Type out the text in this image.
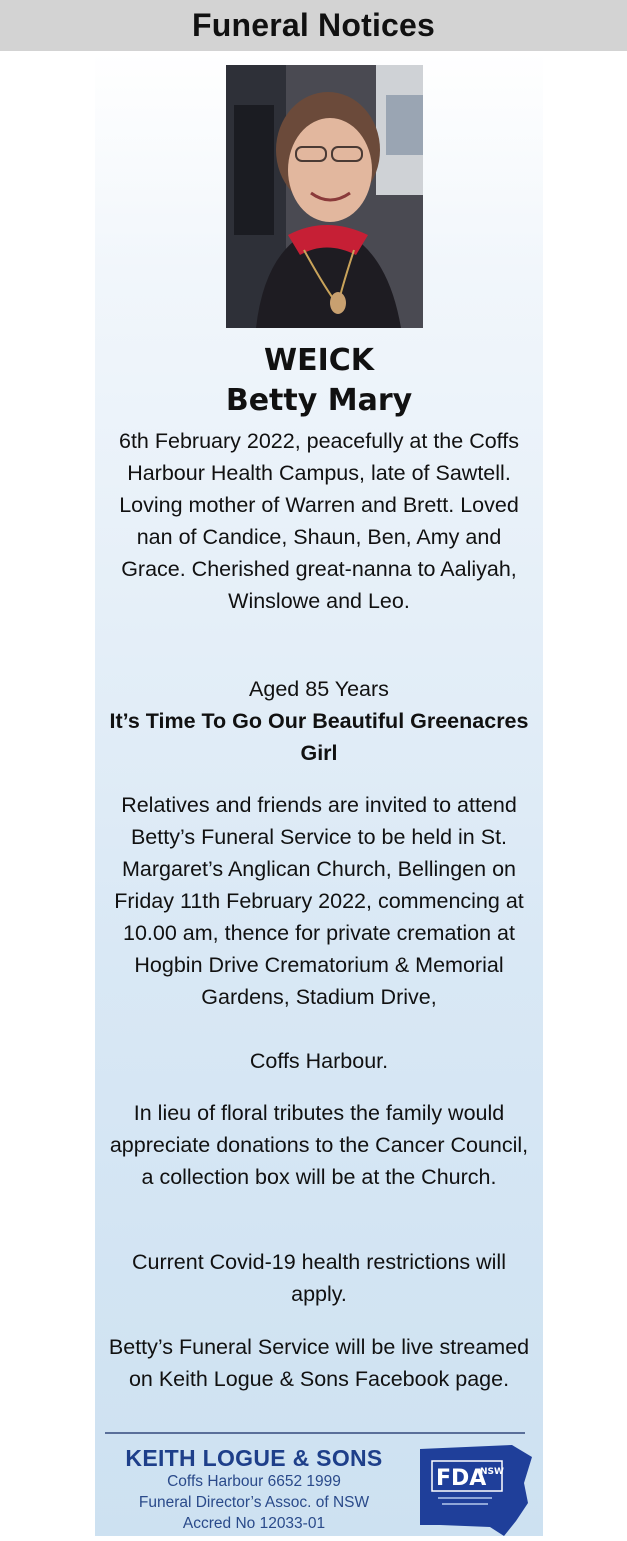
Funeral Notices
WEICK
Betty Mary

6th February 2022, peacefully at the Coffs Harbour Health Campus, late of Sawtell. Loving mother of Warren and Brett. Loved nan of Candice, Shaun, Ben, Amy and Grace. Cherished great-nanna to Aaliyah, Winslowe and Leo.

Aged 85 Years

It’s Time To Go Our Beautiful Greenacres Girl

Relatives and friends are invited to attend Betty’s Funeral Service to be held in St. Margaret’s Anglican Church, Bellingen on Friday 11th February 2022, commencing at 10.00 am, thence for private cremation at Hogbin Drive Crematorium & Memorial Gardens, Stadium Drive,

Coffs Harbour.

In lieu of floral tributes the family would appreciate donations to the Cancer Council, a collection box will be at the Church.

Current Covid-19 health restrictions will apply.

Betty’s Funeral Service will be live streamed on Keith Logue & Sons Facebook page.

KEITH LOGUE & SONS
Coffs Harbour 6652 1999
Funeral Director’s Assoc. of NSW
Accred No 12033-01
FDA
NSW
